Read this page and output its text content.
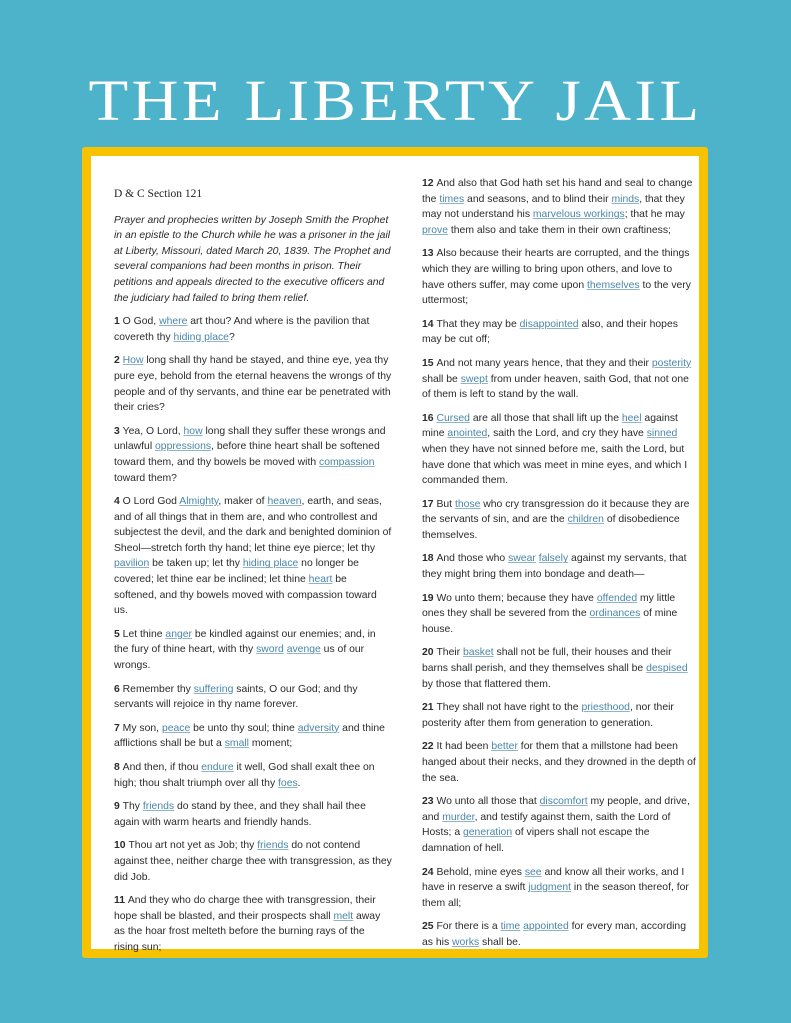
THE LIBERTY JAIL
D & C Section 121

Prayer and prophecies written by Joseph Smith the Prophet in an epistle to the Church while he was a prisoner in the jail at Liberty, Missouri, dated March 20, 1839. The Prophet and several companions had been months in prison. Their petitions and appeals directed to the executive officers and the judiciary had failed to bring them relief.

1 O God, where art thou? And where is the pavilion that covereth thy hiding place?

2 How long shall thy hand be stayed, and thine eye, yea thy pure eye, behold from the eternal heavens the wrongs of thy people and of thy servants, and thine ear be penetrated with their cries?

3 Yea, O Lord, how long shall they suffer these wrongs and unlawful oppressions, before thine heart shall be softened toward them, and thy bowels be moved with compassion toward them?

4 O Lord God Almighty, maker of heaven, earth, and seas, and of all things that in them are, and who controllest and subjectest the devil, and the dark and benighted dominion of Sheol—stretch forth thy hand; let thine eye pierce; let thy pavilion be taken up; let thy hiding place no longer be covered; let thine ear be inclined; let thine heart be softened, and thy bowels moved with compassion toward us.

5 Let thine anger be kindled against our enemies; and, in the fury of thine heart, with thy sword avenge us of our wrongs.

6 Remember thy suffering saints, O our God; and thy servants will rejoice in thy name forever.

7 My son, peace be unto thy soul; thine adversity and thine afflictions shall be but a small moment;

8 And then, if thou endure it well, God shall exalt thee on high; thou shalt triumph over all thy foes.

9 Thy friends do stand by thee, and they shall hail thee again with warm hearts and friendly hands.

10 Thou art not yet as Job; thy friends do not contend against thee, neither charge thee with transgression, as they did Job.

11 And they who do charge thee with transgression, their hope shall be blasted, and their prospects shall melt away as the hoar frost melteth before the burning rays of the rising sun;

12 And also that God hath set his hand and seal to change the times and seasons, and to blind their minds, that they may not understand his marvelous workings; that he may prove them also and take them in their own craftiness;

13 Also because their hearts are corrupted, and the things which they are willing to bring upon others, and love to have others suffer, may come upon themselves to the very uttermost;

14 That they may be disappointed also, and their hopes may be cut off;

15 And not many years hence, that they and their posterity shall be swept from under heaven, saith God, that not one of them is left to stand by the wall.

16 Cursed are all those that shall lift up the heel against mine anointed, saith the Lord, and cry they have sinned when they have not sinned before me, saith the Lord, but have done that which was meet in mine eyes, and which I commanded them.

17 But those who cry transgression do it because they are the servants of sin, and are the children of disobedience themselves.

18 And those who swear falsely against my servants, that they might bring them into bondage and death—

19 Wo unto them; because they have offended my little ones they shall be severed from the ordinances of mine house.

20 Their basket shall not be full, their houses and their barns shall perish, and they themselves shall be despised by those that flattered them.

21 They shall not have right to the priesthood, nor their posterity after them from generation to generation.

22 It had been better for them that a millstone had been hanged about their necks, and they drowned in the depth of the sea.

23 Wo unto all those that discomfort my people, and drive, and murder, and testify against them, saith the Lord of Hosts; a generation of vipers shall not escape the damnation of hell.

24 Behold, mine eyes see and know all their works, and I have in reserve a swift judgment in the season thereof, for them all;

25 For there is a time appointed for every man, according as his works shall be.
